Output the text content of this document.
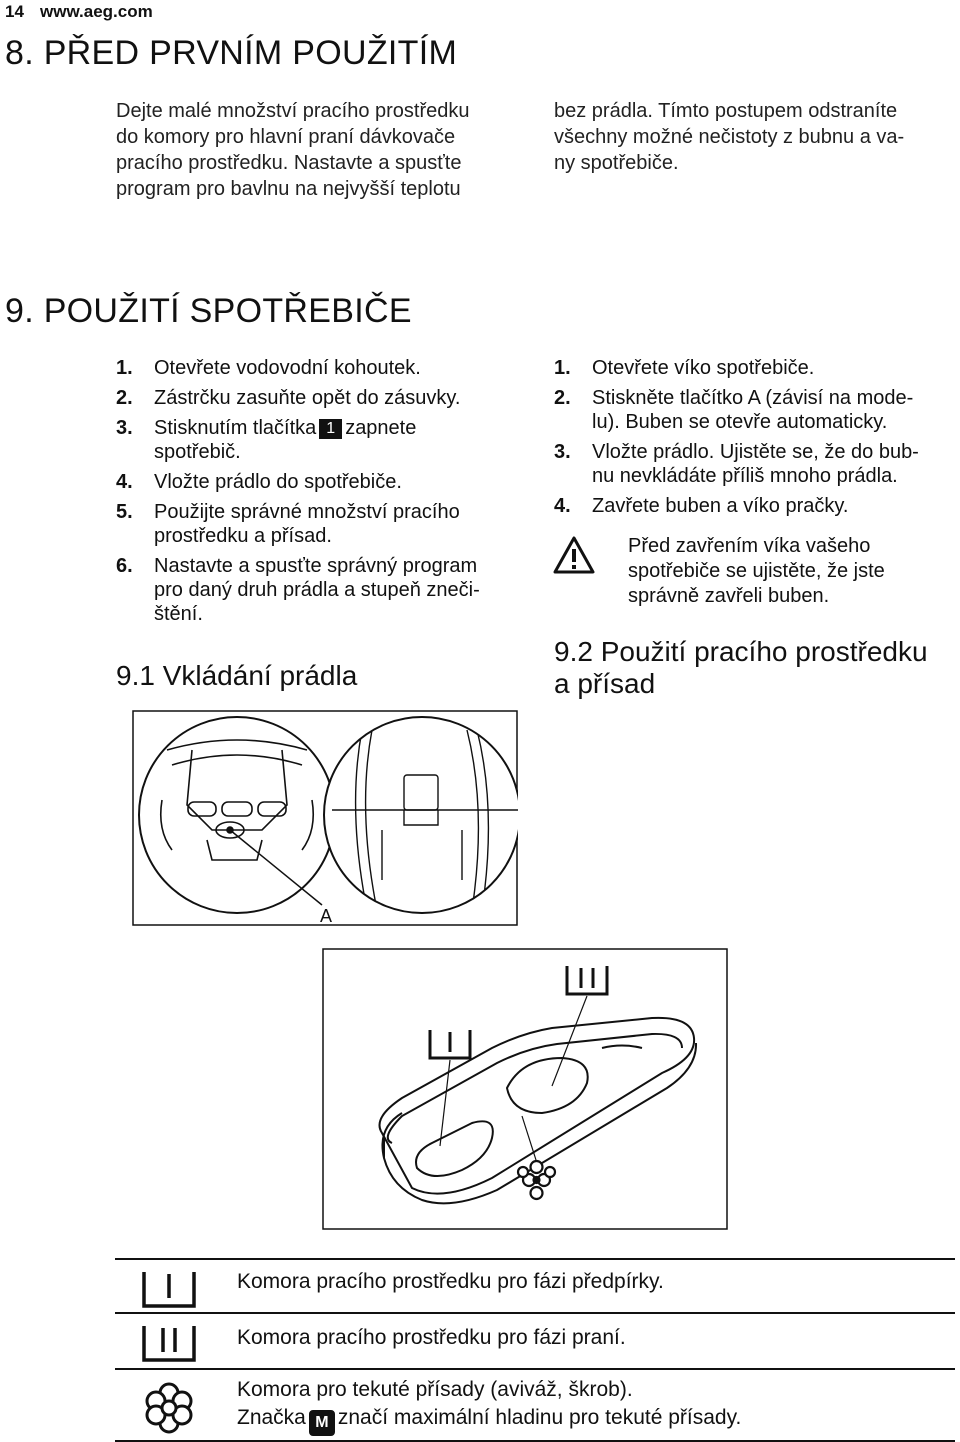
14 www.aeg.com
8. PŘED PRVNÍM POUŽITÍM
Dejte malé množství pracího prostředku
do komory pro hlavní praní dávkovače
pracího prostředku. Nastavte a spusťte
program pro bavlnu na nejvyšší teplotu
bez prádla. Tímto postupem odstraníte
všechny možné nečistoty z bubnu a va-
ny spotřebiče.
9. POUŽITÍ SPOTŘEBIČE
1. Otevřete vodovodní kohoutek.
2. Zástrčku zasuňte opět do zásuvky.
3. Stisknutím tlačítka 1 zapnete
spotřebič.
4. Vložte prádlo do spotřebiče.
5. Použijte správné množství pracího
prostředku a přísad.
6. Nastavte a spusťte správný program
pro daný druh prádla a stupeň zneči-
štění.
9.1 Vkládání prádla
1. Otevřete víko spotřebiče.
2. Stiskněte tlačítko A (závisí na mode-
lu). Buben se otevře automaticky.
3. Vložte prádlo. Ujistěte se, že do bub-
nu nevkládáte příliš mnoho prádla.
4. Zavřete buben a víko pračky.
Před zavřením víka vašeho
spotřebiče se ujistěte, že jste
správně zavřeli buben.
9.2 Použití pracího prostředku
a přísad
A
Komora pracího prostředku pro fázi předpírky.
Komora pracího prostředku pro fázi praní.
Komora pro tekuté přísady (aviváž, škrob).
Značka M značí maximální hladinu pro tekuté přísady.
